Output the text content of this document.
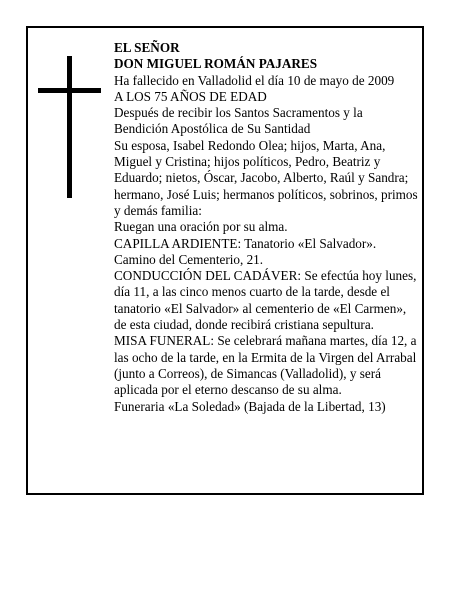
EL SEÑOR

DON MIGUEL ROMÁN PAJARES

Ha fallecido en Valladolid el día 10 de mayo de 2009

A LOS 75 AÑOS DE EDAD

Después de recibir los Santos Sacramentos y la Bendición Apostólica de Su Santidad

Su esposa, Isabel Redondo Olea; hijos, Marta, Ana, Miguel y Cristina; hijos políticos, Pedro, Beatriz y Eduardo; nietos, Óscar, Jacobo, Alberto, Raúl y Sandra; hermano, José Luis; hermanos políticos, sobrinos, primos y demás familia:

Ruegan una oración por su alma.

CAPILLA ARDIENTE: Tanatorio «El Salvador». Camino del Cementerio, 21.

CONDUCCIÓN DEL CADÁVER: Se efectúa hoy lunes, día 11, a las cinco menos cuarto de la tarde, desde el tanatorio «El Salvador» al cementerio de «El Carmen», de esta ciudad, donde recibirá cristiana sepultura.

MISA FUNERAL: Se celebrará mañana martes, día 12, a las ocho de la tarde, en la Ermita de la Virgen del Arrabal (junto a Correos), de Simancas (Valladolid), y será aplicada por el eterno descanso de su alma.

Funeraria «La Soledad» (Bajada de la Libertad, 13)
